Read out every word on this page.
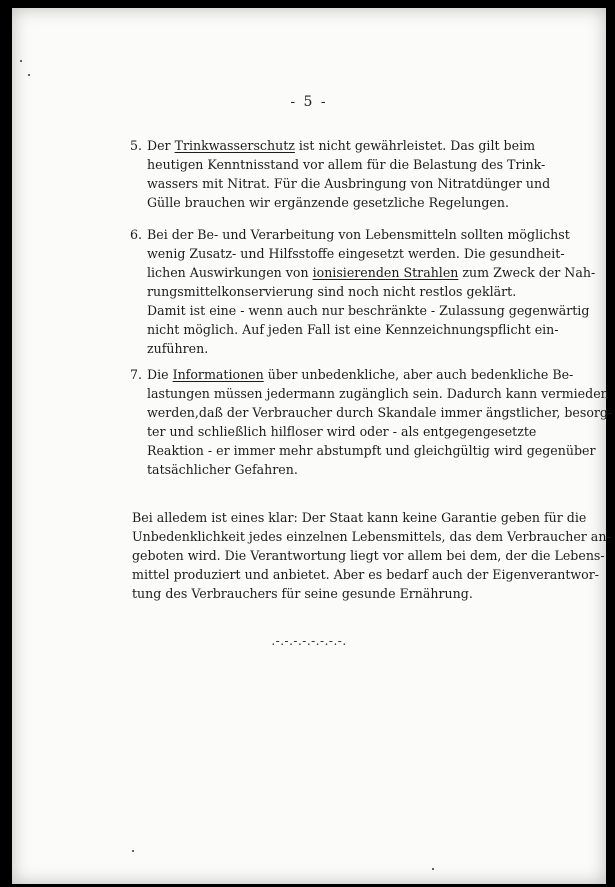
- 5 -
5. Der Trinkwasserschutz ist nicht gewährleistet. Das gilt beim
heutigen Kenntnisstand vor allem für die Belastung des Trink-
wassers mit Nitrat. Für die Ausbringung von Nitratdünger und
Gülle brauchen wir ergänzende gesetzliche Regelungen.
6. Bei der Be- und Verarbeitung von Lebensmitteln sollten möglichst
wenig Zusatz- und Hilfsstoffe eingesetzt werden. Die gesundheit-
lichen Auswirkungen von ionisierenden Strahlen zum Zweck der Nah-
rungsmittelkonservierung sind noch nicht restlos geklärt.
Damit ist eine - wenn auch nur beschränkte - Zulassung gegenwärtig
nicht möglich. Auf jeden Fall ist eine Kennzeichnungspflicht ein-
zuführen.
7. Die Informationen über unbedenkliche, aber auch bedenkliche Be-
lastungen müssen jedermann zugänglich sein. Dadurch kann vermieden
werden,daß der Verbraucher durch Skandale immer ängstlicher, besorg-
ter und schließlich hilfloser wird oder - als entgegengesetzte
Reaktion - er immer mehr abstumpft und gleichgültig wird gegenüber
tatsächlicher Gefahren.
Bei alledem ist eines klar: Der Staat kann keine Garantie geben für die
Unbedenklichkeit jedes einzelnen Lebensmittels, das dem Verbraucher an-
geboten wird. Die Verantwortung liegt vor allem bei dem, der die Lebens-
mittel produziert und anbietet. Aber es bedarf auch der Eigenverantwor-
tung des Verbrauchers für seine gesunde Ernährung.
.-.-.-.-.-.-.-.-.
